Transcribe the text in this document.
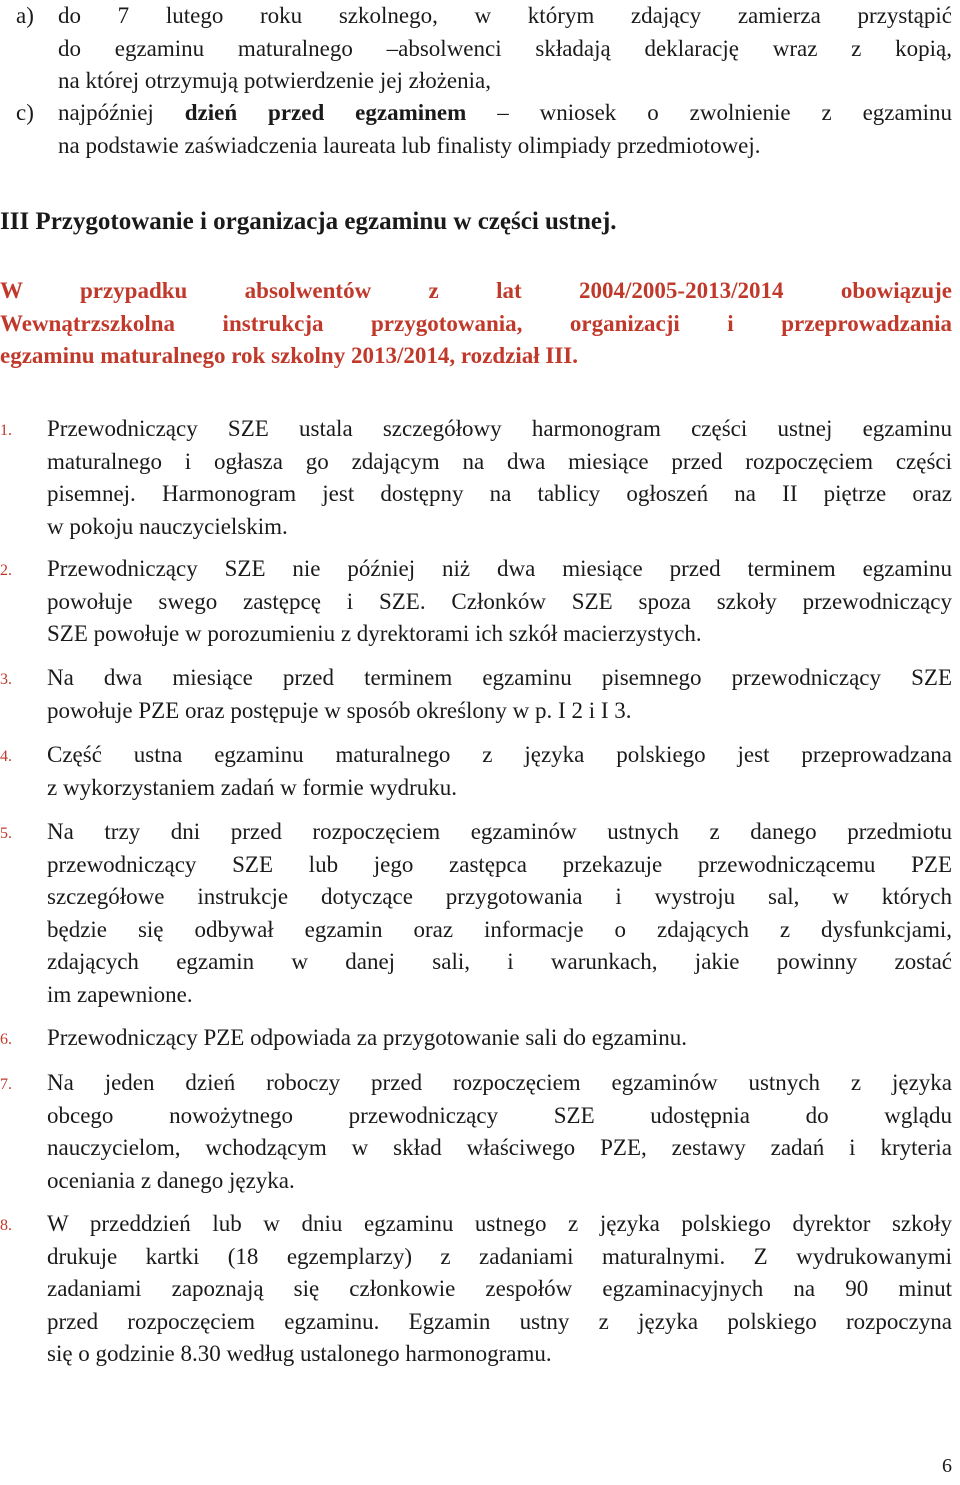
a) do 7 lutego roku szkolnego, w którym zdający zamierza przystąpić

do egzaminu maturalnego –absolwenci składają deklarację wraz z kopią,

na której otrzymują potwierdzenie jej złożenia,

c) najpóźniej dzień przed egzaminem – wniosek o zwolnienie z egzaminu

na podstawie zaświadczenia laureata lub finalisty olimpiady przedmiotowej.

III Przygotowanie i organizacja egzaminu w części ustnej.

W przypadku absolwentów z lat 2004/2005-2013/2014 obowiązuje

Wewnątrzszkolna instrukcja przygotowania, organizacji i przeprowadzania

egzaminu maturalnego rok szkolny 2013/2014, rozdział III.

1. Przewodniczący SZE ustala szczegółowy harmonogram części ustnej egzaminu

maturalnego i ogłasza go zdającym na dwa miesiące przed rozpoczęciem części

pisemnej. Harmonogram jest dostępny na tablicy ogłoszeń na II piętrze oraz

w pokoju nauczycielskim.

2. Przewodniczący SZE nie później niż dwa miesiące przed terminem egzaminu

powołuje swego zastępcę i SZE. Członków SZE spoza szkoły przewodniczący

SZE powołuje w porozumieniu z dyrektorami ich szkół macierzystych.

3. Na dwa miesiące przed terminem egzaminu pisemnego przewodniczący SZE

powołuje PZE oraz postępuje w sposób określony w p. I 2 i I 3.

4. Część ustna egzaminu maturalnego z języka polskiego jest przeprowadzana

z wykorzystaniem zadań w formie wydruku.

5. Na trzy dni przed rozpoczęciem egzaminów ustnych z danego przedmiotu

przewodniczący SZE lub jego zastępca przekazuje przewodniczącemu PZE

szczegółowe instrukcje dotyczące przygotowania i wystroju sal, w których

będzie się odbywał egzamin oraz informacje o zdających z dysfunkcjami,

zdających egzamin w danej sali, i warunkach, jakie powinny zostać

im zapewnione.

6. Przewodniczący PZE odpowiada za przygotowanie sali do egzaminu.

7. Na jeden dzień roboczy przed rozpoczęciem egzaminów ustnych z języka

obcego nowożytnego przewodniczący SZE udostępnia do wglądu

nauczycielom, wchodzącym w skład właściwego PZE, zestawy zadań i kryteria

oceniania z danego języka.

8. W przeddzień lub w dniu egzaminu ustnego z języka polskiego dyrektor szkoły

drukuje kartki (18 egzemplarzy) z zadaniami maturalnymi. Z wydrukowanymi

zadaniami zapoznają się członkowie zespołów egzaminacyjnych na 90 minut

przed rozpoczęciem egzaminu. Egzamin ustny z języka polskiego rozpoczyna

się o godzinie 8.30 według ustalonego harmonogramu.

6
